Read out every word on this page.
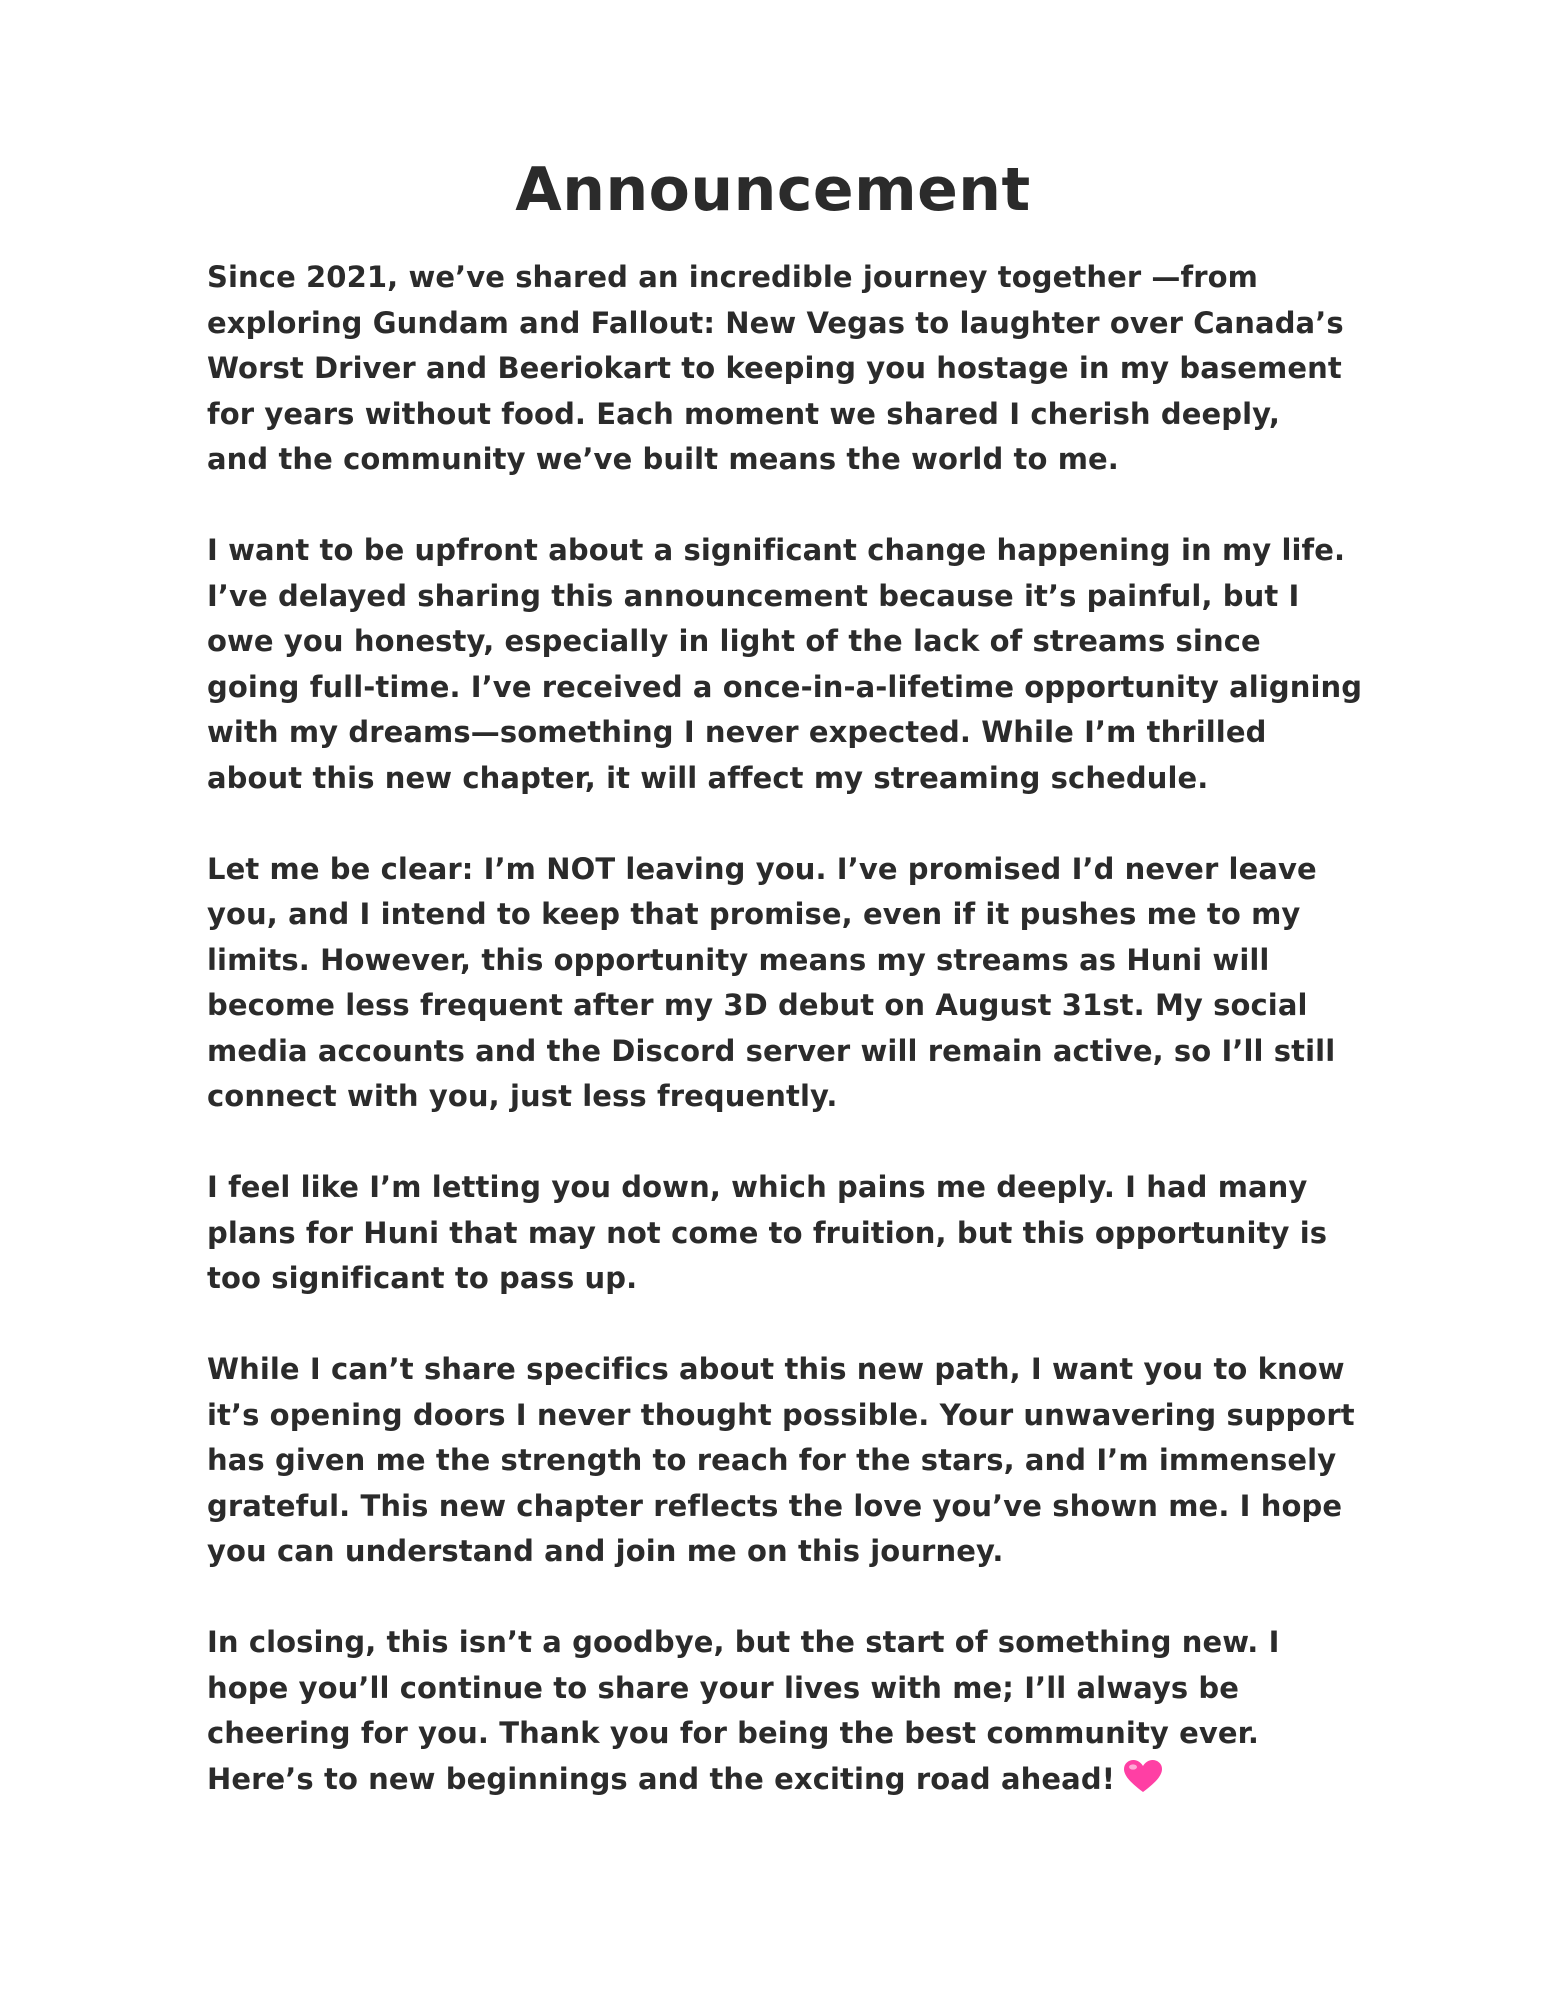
Announcement

Since 2021, we’ve shared an incredible journey together —from
exploring Gundam and Fallout: New Vegas to laughter over Canada’s
Worst Driver and Beeriokart to keeping you hostage in my basement
for years without food. Each moment we shared I cherish deeply,
and the community we’ve built means the world to me.

I want to be upfront about a significant change happening in my life.
I’ve delayed sharing this announcement because it’s painful, but I
owe you honesty, especially in light of the lack of streams since
going full-time. I’ve received a once-in-a-lifetime opportunity aligning
with my dreams—something I never expected. While I’m thrilled
about this new chapter, it will affect my streaming schedule.

Let me be clear: I’m NOT leaving you. I’ve promised I’d never leave
you, and I intend to keep that promise, even if it pushes me to my
limits. However, this opportunity means my streams as Huni will
become less frequent after my 3D debut on August 31st. My social
media accounts and the Discord server will remain active, so I’ll still
connect with you, just less frequently.

I feel like I’m letting you down, which pains me deeply. I had many
plans for Huni that may not come to fruition, but this opportunity is
too significant to pass up.

While I can’t share specifics about this new path, I want you to know
it’s opening doors I never thought possible. Your unwavering support
has given me the strength to reach for the stars, and I’m immensely
grateful. This new chapter reflects the love you’ve shown me. I hope
you can understand and join me on this journey.

In closing, this isn’t a goodbye, but the start of something new. I
hope you’ll continue to share your lives with me; I’ll always be
cheering for you. Thank you for being the best community ever.
Here’s to new beginnings and the exciting road ahead!
